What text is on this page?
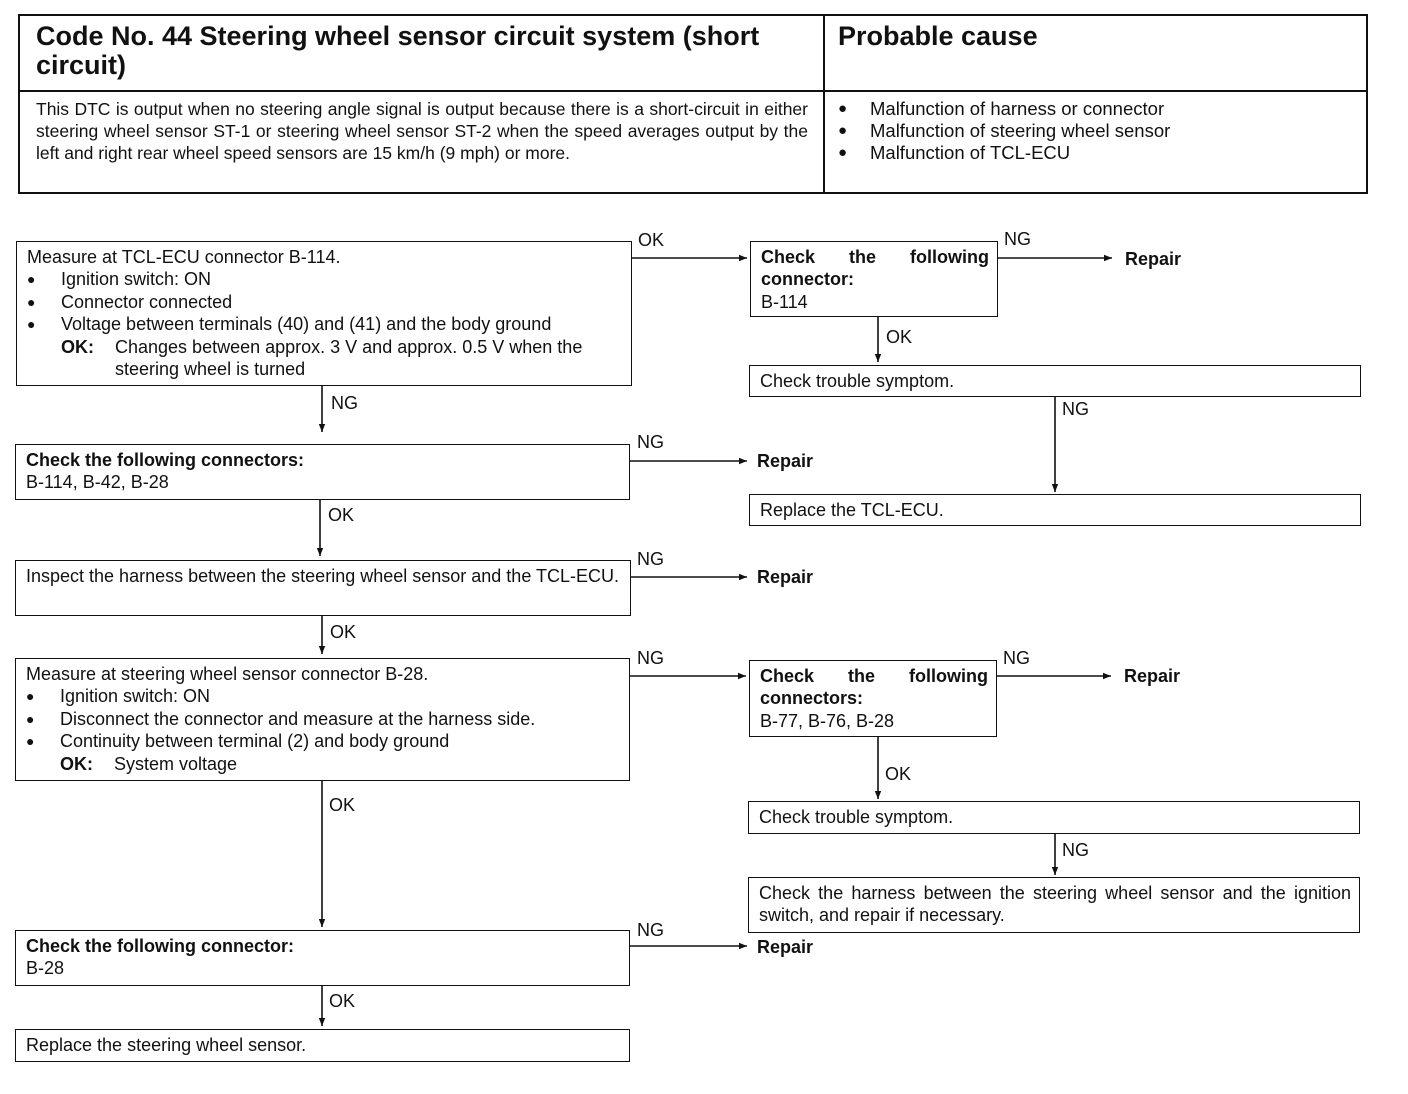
Code No. 44 Steering wheel sensor circuit system (short circuit)
Probable cause
This DTC is output when no steering angle signal is output because there is a short-circuit in either steering wheel sensor ST-1 or steering wheel sensor ST-2 when the speed averages output by the left and right rear wheel speed sensors are 15 km/h (9 mph) or more.
● Malfunction of harness or connector
● Malfunction of steering wheel sensor
● Malfunction of TCL-ECU
Measure at TCL-ECU connector B-114.
● Ignition switch: ON
● Connector connected
● Voltage between terminals (40) and (41) and the body ground
OK: Changes between approx. 3 V and approx. 0.5 V when the steering wheel is turned
Check the following connectors:
B-114, B-42, B-28
Inspect the harness between the steering wheel sensor and the TCL-ECU.
Measure at steering wheel sensor connector B-28.
● Ignition switch: ON
● Disconnect the connector and measure at the harness side.
● Continuity between terminal (2) and body ground
OK: System voltage
Check the following connector:
B-28
Replace the steering wheel sensor.
Check the following connector:
B-114
Check trouble symptom.
Replace the TCL-ECU.
Check the following connectors:
B-77, B-76, B-28
Check trouble symptom.
Check the harness between the steering wheel sensor and the ignition switch, and repair if necessary.
OK
NG
NG
OK
NG
OK
NG
OK
NG
OK
NG
OK
NG
NG
OK
NG
Repair
Repair
Repair
Repair
Repair
